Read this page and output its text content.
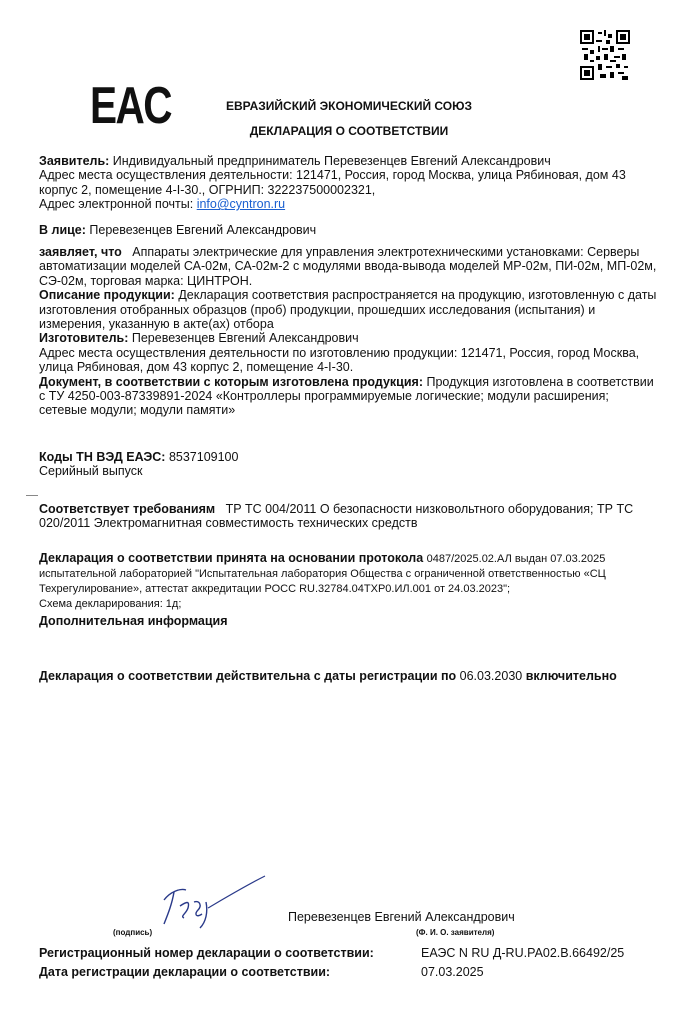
EAC	ЕВРАЗИЙСКИЙ ЭКОНОМИЧЕСКИЙ СОЮЗ
ДЕКЛАРАЦИЯ О СООТВЕТСТВИИ
Заявитель: Индивидуальный предприниматель Перевезенцев Евгений Александрович
Адрес места осуществления деятельности: 121471, Россия, город Москва, улица Рябиновая, дом 43 корпус 2, помещение 4-I-30., ОГРНИП: 322237500002321,
Адрес электронной почты: info@cyntron.ru
В лице: Перевезенцев Евгений Александрович
заявляет, что Аппараты электрические для управления электротехническими установками: Серверы автоматизации моделей СА-02м, СА-02м-2 с модулями ввода-вывода моделей МР-02м, ПИ-02м, МП-02м, СЭ-02м, торговая марка: ЦИНТРОН.
Описание продукции: Декларация соответствия распространяется на продукцию, изготовленную с даты изготовления отобранных образцов (проб) продукции, прошедших исследования (испытания) и измерения, указанную в акте(ах) отбора
Изготовитель: Перевезенцев Евгений Александрович
Адрес места осуществления деятельности по изготовлению продукции: 121471, Россия, город Москва, улица Рябиновая, дом 43 корпус 2, помещение 4-I-30.
Документ, в соответствии с которым изготовлена продукция: Продукция изготовлена в соответствии с ТУ 4250-003-87339891-2024 «Контроллеры программируемые логические; модули расширения; сетевые модули; модули памяти»
Коды ТН ВЭД ЕАЭС: 8537109100
Серийный выпуск
Соответствует требованиям ТР ТС 004/2011 О безопасности низковольтного оборудования; ТР ТС 020/2011 Электромагнитная совместимость технических средств
Декларация о соответствии принята на основании протокола 0487/2025.02.АЛ выдан 07.03.2025 испытательной лабораторией "Испытательная лаборатория Общества с ограниченной ответственностью «СЦ Техрегулирование», аттестат аккредитации РОСС RU.32784.04ТХР0.ИЛ.001 от 24.03.2023";
Схема декларирования: 1д;
Дополнительная информация
Декларация о соответствии действительна с даты регистрации по 06.03.2030 включительно
(подпись)
Перевезенцев Евгений Александрович
(Ф. И. О. заявителя)
Регистрационный номер декларации о соответствии:	ЕАЭС N RU Д-RU.РА02.В.66492/25
Дата регистрации декларации о соответствии:	07.03.2025
